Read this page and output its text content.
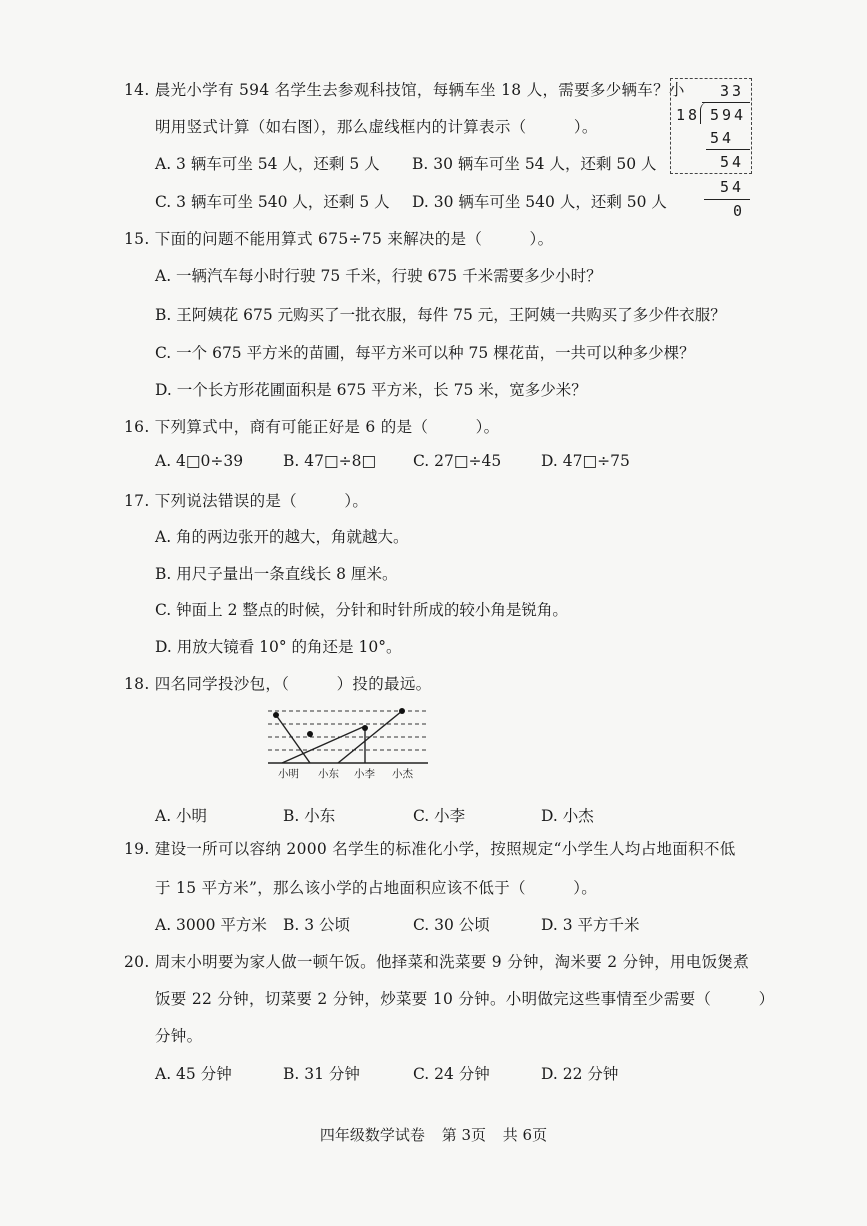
14. 晨光小学有 594 名学生去参观科技馆，每辆车坐 18 人，需要多少辆车？小
明用竖式计算（如右图），那么虚线框内的计算表示（　　　）。
A. 3 辆车可坐 54 人，还剩 5 人 B. 30 辆车可坐 54 人，还剩 50 人
C. 3 辆车可坐 540 人，还剩 5 人 D. 30 辆车可坐 540 人，还剩 50 人
33
18 594
54
54
54
0
15. 下面的问题不能用算式 675÷75 来解决的是（　　　）。
A. 一辆汽车每小时行驶 75 千米，行驶 675 千米需要多少小时？
B. 王阿姨花 675 元购买了一批衣服，每件 75 元，王阿姨一共购买了多少件衣服？
C. 一个 675 平方米的苗圃，每平方米可以种 75 棵花苗，一共可以种多少棵？
D. 一个长方形花圃面积是 675 平方米，长 75 米，宽多少米？
16. 下列算式中，商有可能正好是 6 的是（　　　）。
A. 4□0÷39	B. 47□÷8□ C. 27□÷45	D. 47□÷75
17. 下列说法错误的是（　　　）。
A. 角的两边张开的越大，角就越大。
B. 用尺子量出一条直线长 8 厘米。
C. 钟面上 2 整点的时候，分针和时针所成的较小角是锐角。
D. 用放大镜看 10° 的角还是 10°。
18. 四名同学投沙包，（　　　）投的最远。
小明 小东 小李 小杰
A. 小明	B. 小东	C. 小李	D. 小杰
19. 建设一所可以容纳 2000 名学生的标准化小学，按照规定“小学生人均占地面积不低
于 15 平方米”，那么该小学的占地面积应该不低于（　　　）。
A. 3000 平方米 B. 3 公顷	C. 30 公顷	D. 3 平方千米
20. 周末小明要为家人做一顿午饭。他择菜和洗菜要 9 分钟，淘米要 2 分钟，用电饭煲煮
饭要 22 分钟，切菜要 2 分钟，炒菜要 10 分钟。小明做完这些事情至少需要（　　　）
分钟。
A. 45 分钟	B. 31 分钟	C. 24 分钟	D. 22 分钟
四年级数学试卷 第 3页 共 6页
